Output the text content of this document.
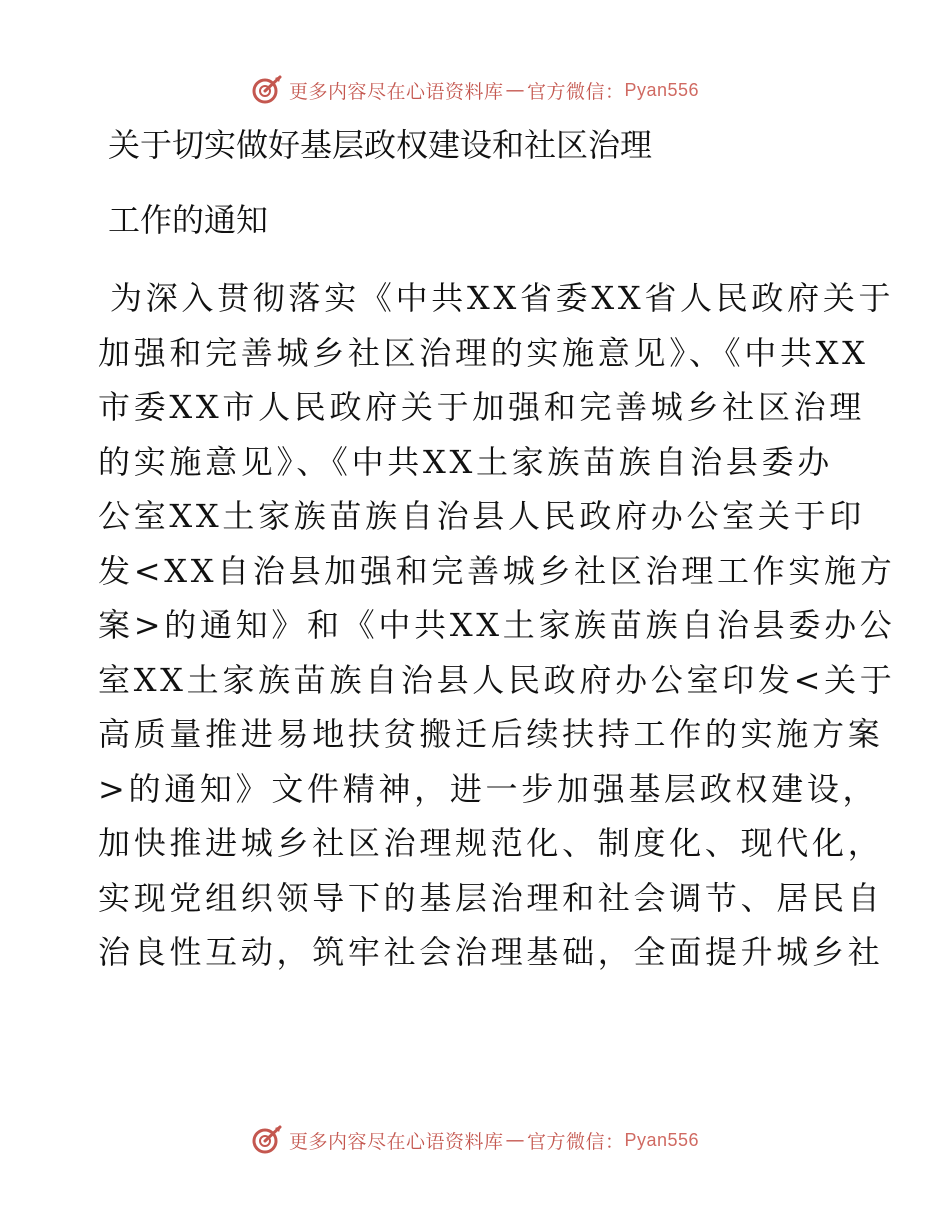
更多内容尽在心语资料库 — 官方微信： Pyan556
关于切实做好基层政权建设和社区治理
工作的通知
为深入贯彻落实《中共XX省委XX省人民政府关于
加强和完善城乡社区治理的实施意见》、《中共XX
市委XX市人民政府关于加强和完善城乡社区治理
的实施意见》、《中共XX土家族苗族自治县委办
公室XX土家族苗族自治县人民政府办公室关于印
发<XX自治县加强和完善城乡社区治理工作实施方
案>的通知》和《中共XX土家族苗族自治县委办公
室XX土家族苗族自治县人民政府办公室印发<关于
高质量推进易地扶贫搬迁后续扶持工作的实施方案
>的通知》文件精神，进一步加强基层政权建设，
加快推进城乡社区治理规范化、制度化、现代化，
实现党组织领导下的基层治理和社会调节、居民自
治良性互动，筑牢社会治理基础，全面提升城乡社
更多内容尽在心语资料库 — 官方微信： Pyan556
